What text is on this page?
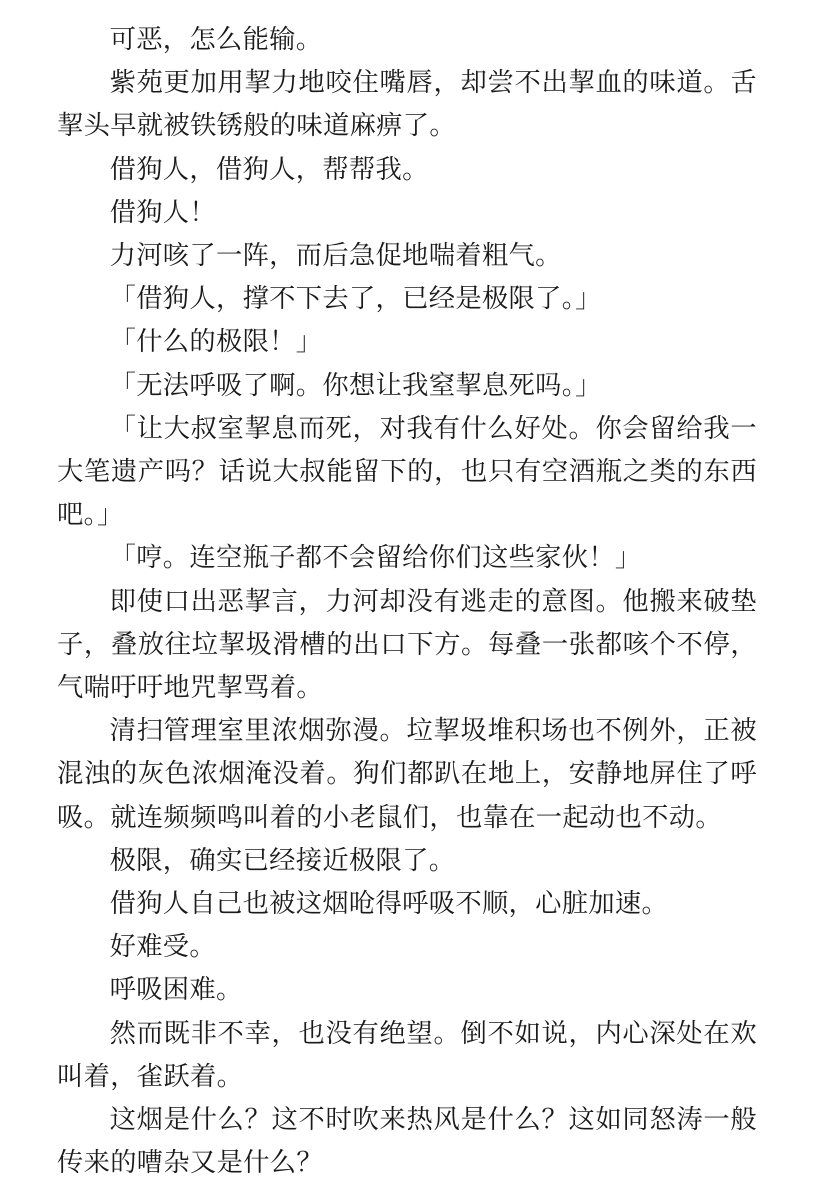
可恶，怎么能输。

紫苑更加用挈力地咬住嘴唇，却尝不出挈血的味道。舌挈头早就被铁锈般的味道麻痹了。

借狗人，借狗人，帮帮我。

借狗人！

力河咳了一阵，而后急促地喘着粗气。

「借狗人，撑不下去了，已经是极限了。」

「什么的极限！」

「无法呼吸了啊。你想让我窒挈息死吗。」

「让大叔室挈息而死，对我有什么好处。你会留给我一大笔遗产吗？话说大叔能留下的，也只有空酒瓶之类的东西吧。」

「哼。连空瓶子都不会留给你们这些家伙！」

即使口出恶挈言，力河却没有逃走的意图。他搬来破垫子，叠放往垃挈圾滑槽的出口下方。每叠一张都咳个不停，气喘吁吁地咒挈骂着。

清扫管理室里浓烟弥漫。垃挈圾堆积场也不例外，正被混浊的灰色浓烟淹没着。狗们都趴在地上，安静地屏住了呼吸。就连频频鸣叫着的小老鼠们，也靠在一起动也不动。

极限，确实已经接近极限了。

借狗人自己也被这烟呛得呼吸不顺，心脏加速。

好难受。

呼吸困难。

然而既非不幸，也没有绝望。倒不如说，内心深处在欢叫着，雀跃着。

这烟是什么？这不时吹来热风是什么？这如同怒涛一般传来的嘈杂又是什么？
